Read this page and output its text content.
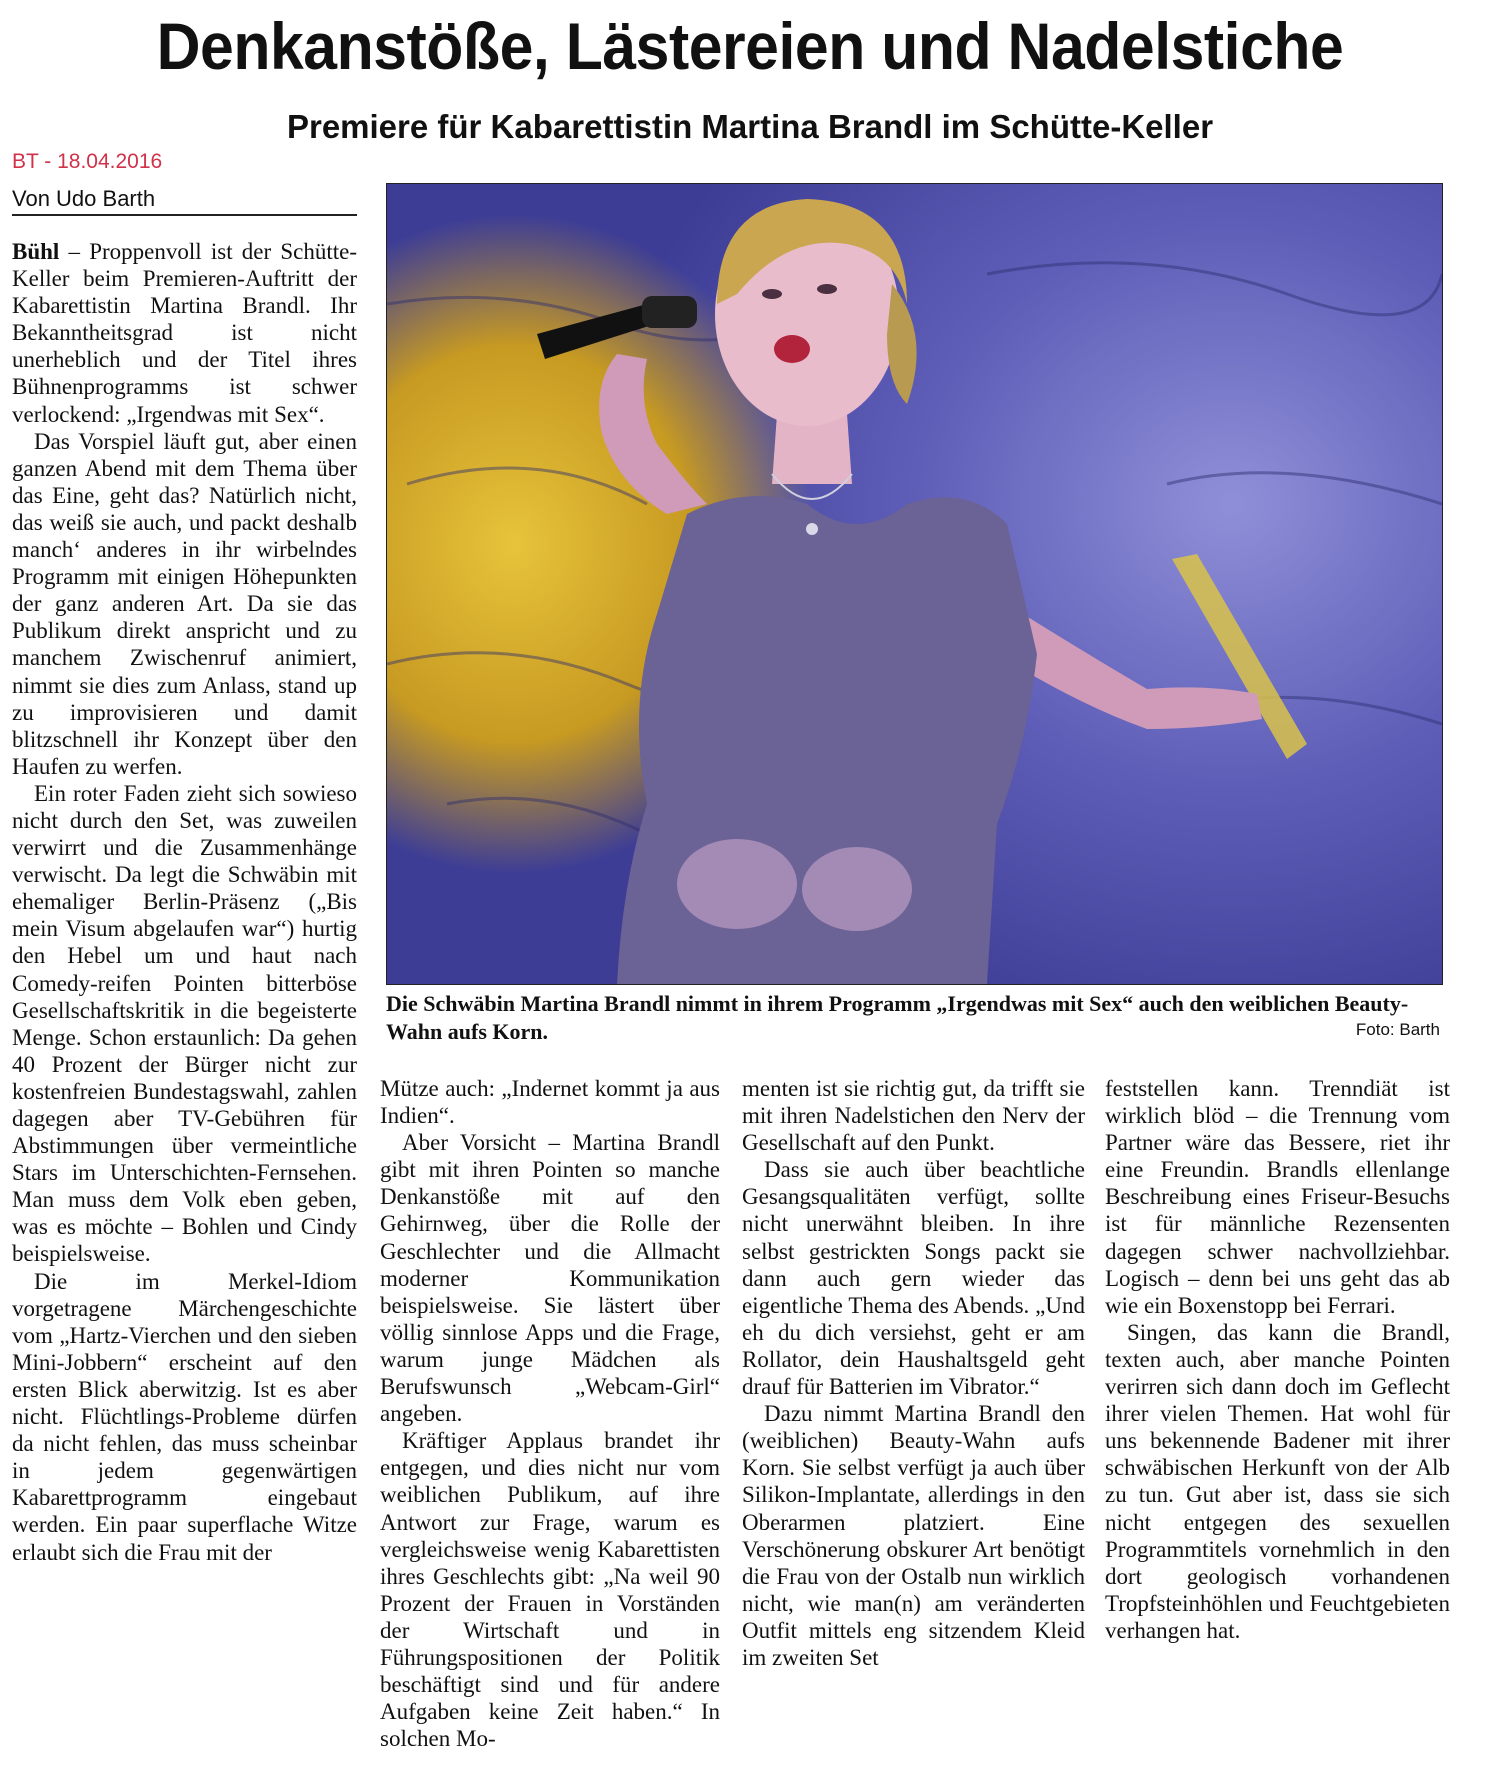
Denkanstöße, Lästereien und Nadelstiche
Premiere für Kabarettistin Martina Brandl im Schütte-Keller
BT - 18.04.2016
Von Udo Barth
Die Schwäbin Martina Brandl nimmt in ihrem Programm „Irgendwas mit Sex“ auch den weiblichen Beauty-Wahn aufs Korn.	Foto: Barth

Bühl – Proppenvoll ist der Schütte-Keller beim Premieren-Auftritt der Kabarettistin Martina Brandl. Ihr Bekanntheitsgrad ist nicht unerheblich und der Titel ihres Bühnenprogramms ist schwer verlockend: „Irgendwas mit Sex“.

Das Vorspiel läuft gut, aber einen ganzen Abend mit dem Thema über das Eine, geht das? Natürlich nicht, das weiß sie auch, und packt deshalb manch‘ anderes in ihr wirbelndes Programm mit einigen Höhepunkten der ganz anderen Art. Da sie das Publikum direkt anspricht und zu manchem Zwischenruf animiert, nimmt sie dies zum Anlass, stand up zu improvisieren und damit blitzschnell ihr Konzept über den Haufen zu werfen.

Ein roter Faden zieht sich sowieso nicht durch den Set, was zuweilen verwirrt und die Zusammenhänge verwischt. Da legt die Schwäbin mit ehemaliger Berlin-Präsenz („Bis mein Visum abgelaufen war“) hurtig den Hebel um und haut nach Comedy-reifen Pointen bitterböse Gesellschaftskritik in die begeisterte Menge. Schon erstaunlich: Da gehen 40 Prozent der Bürger nicht zur kostenfreien Bundestagswahl, zahlen dagegen aber TV-Gebühren für Abstimmungen über vermeintliche Stars im Unterschichten-Fernsehen. Man muss dem Volk eben geben, was es möchte – Bohlen und Cindy beispielsweise.

Die im Merkel-Idiom vorgetragene Märchengeschichte vom „Hartz-Vierchen und den sieben Mini-Jobbern“ erscheint auf den ersten Blick aberwitzig. Ist es aber nicht. Flüchtlings-Probleme dürfen da nicht fehlen, das muss scheinbar in jedem gegenwärtigen Kabarettprogramm eingebaut werden. Ein paar superflache Witze erlaubt sich die Frau mit der

Mütze auch: „Indernet kommt ja aus Indien“.

Aber Vorsicht – Martina Brandl gibt mit ihren Pointen so manche Denkanstöße mit auf den Gehirnweg, über die Rolle der Geschlechter und die Allmacht moderner Kommunikation beispielsweise. Sie lästert über völlig sinnlose Apps und die Frage, warum junge Mädchen als Berufswunsch „Webcam-Girl“ angeben.

Kräftiger Applaus brandet ihr entgegen, und dies nicht nur vom weiblichen Publikum, auf ihre Antwort zur Frage, warum es vergleichsweise wenig Kabarettisten ihres Geschlechts gibt: „Na weil 90 Prozent der Frauen in Vorständen der Wirtschaft und in Führungspositionen der Politik beschäftigt sind und für andere Aufgaben keine Zeit haben.“ In solchen Mo-

menten ist sie richtig gut, da trifft sie mit ihren Nadelstichen den Nerv der Gesellschaft auf den Punkt.

Dass sie auch über beachtliche Gesangsqualitäten verfügt, sollte nicht unerwähnt bleiben. In ihre selbst gestrickten Songs packt sie dann auch gern wieder das eigentliche Thema des Abends. „Und eh du dich versiehst, geht er am Rollator, dein Haushaltsgeld geht drauf für Batterien im Vibrator.“

Dazu nimmt Martina Brandl den (weiblichen) Beauty-Wahn aufs Korn. Sie selbst verfügt ja auch über Silikon-Implantate, allerdings in den Oberarmen platziert. Eine Verschönerung obskurer Art benötigt die Frau von der Ostalb nun wirklich nicht, wie man(n) am veränderten Outfit mittels eng sitzendem Kleid im zweiten Set

feststellen kann. Trenndiät ist wirklich blöd – die Trennung vom Partner wäre das Bessere, riet ihr eine Freundin. Brandls ellenlange Beschreibung eines Friseur-Besuchs ist für männliche Rezensenten dagegen schwer nachvollziehbar. Logisch – denn bei uns geht das ab wie ein Boxenstopp bei Ferrari.

Singen, das kann die Brandl, texten auch, aber manche Pointen verirren sich dann doch im Geflecht ihrer vielen Themen. Hat wohl für uns bekennende Badener mit ihrer schwäbischen Herkunft von der Alb zu tun. Gut aber ist, dass sie sich nicht entgegen des sexuellen Programmtitels vornehmlich in den dort geologisch vorhandenen Tropfsteinhöhlen und Feuchtgebieten verhangen hat.
